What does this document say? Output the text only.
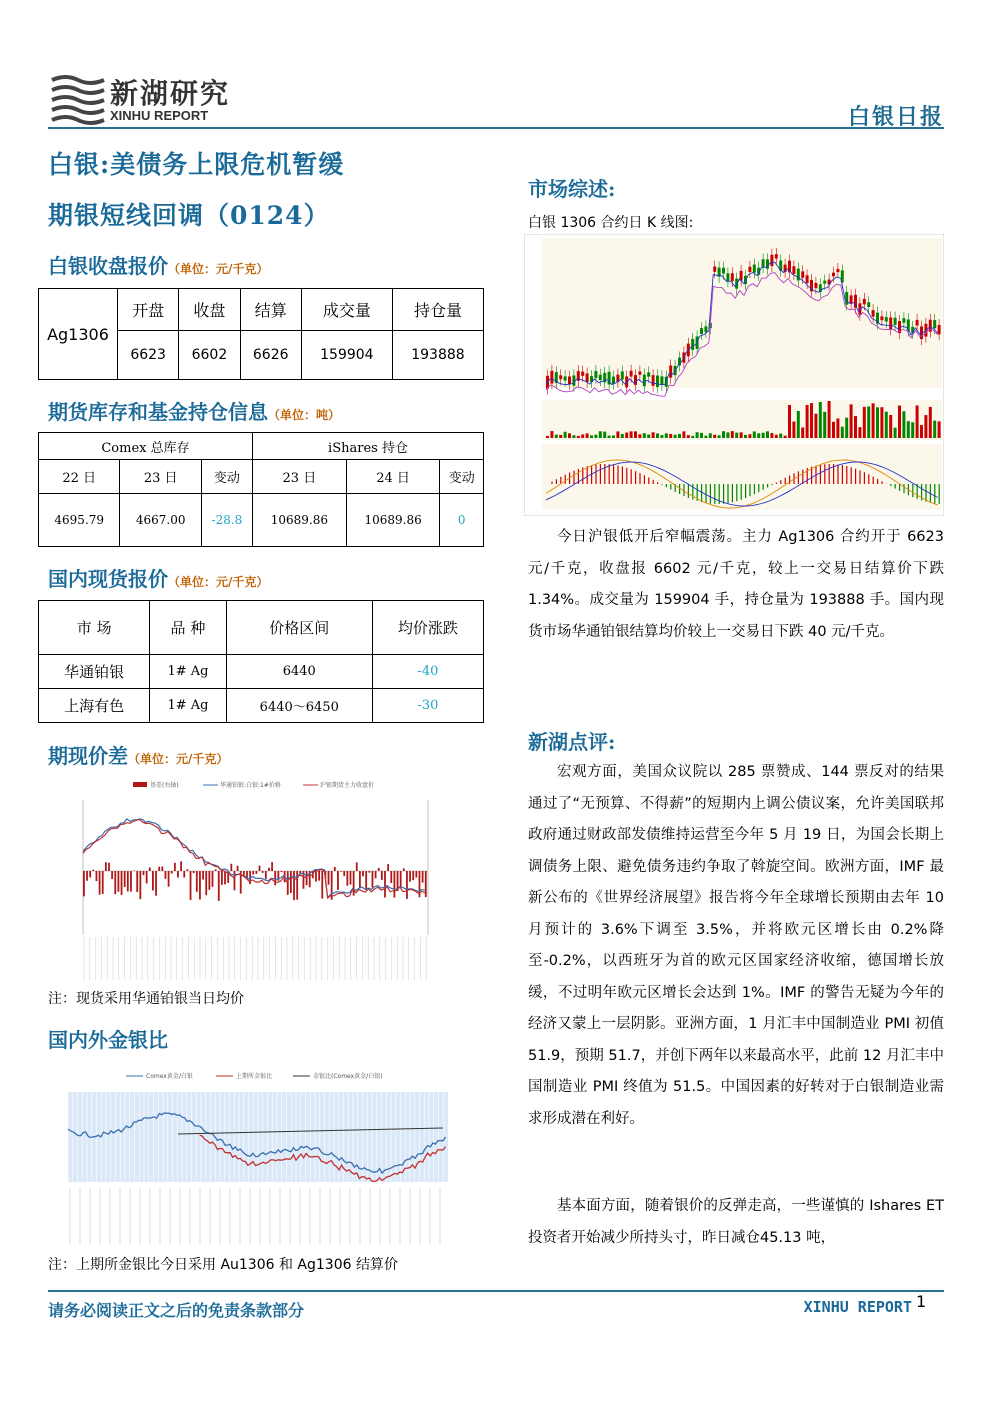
新湖研究
XINHU REPORT	白银日报
白银:美债务上限危机暂缓
期银短线回调（0124）
白银收盘报价（单位：元/千克）
Ag1306	开盘	收盘	结算	成交量	持仓量
	6623	6602	6626	159904	193888
期货库存和基金持仓信息（单位：吨）
Comex 总库存			iShares 持仓		
22 日	23 日	变动	23 日	24 日	变动
4695.79	4667.00	-28.8	10689.86	10689.86	0
国内现货报价（单位：元/千克）
市 场	品 种	价格区间	均价涨跌
华通铂银	1# Ag	6440	-40
上海有色	1# Ag	6440～6450	-30
期现价差（单位：元/千克）
基差(右轴)	华通铂银:白银:1#价格	沪银期货主力收盘价
注：现货采用华通铂银当日均价
国内外金银比
Comex黄金/白银	上期所金银比	金银比(Comex黄金/白银)
注：上期所金银比今日采用 Au1306 和 Ag1306 结算价
市场综述:
白银 1306 合约日 K 线图:
今日沪银低开后窄幅震荡。主力 Ag1306 合约开于 6623 元/千克，收盘报 6602 元/千克，较上一交易日结算价下跌 1.34%。成交量为 159904 手，持仓量为 193888 手。国内现货市场华通铂银结算均价较上一交易日下跌 40 元/千克。
新湖点评:
宏观方面，美国众议院以 285 票赞成、144 票反对的结果通过了“无预算、不得薪”的短期内上调公债议案，允许美国联邦政府通过财政部发债维持运营至今年 5 月 19 日，为国会长期上调债务上限、避免债务违约争取了斡旋空间。欧洲方面，IMF 最新公布的《世界经济展望》报告将今年全球增长预期由去年 10 月预计的 3.6%下调至 3.5%，并将欧元区增长由 0.2%降至-0.2%，以西班牙为首的欧元区国家经济收缩，德国增长放缓，不过明年欧元区增长会达到 1%。IMF 的警告无疑为今年的经济又蒙上一层阴影。亚洲方面，1 月汇丰中国制造业 PMI 初值 51.9，预期 51.7，并创下两年以来最高水平，此前 12 月汇丰中国制造业 PMI 终值为 51.5。中国因素的好转对于白银制造业需求形成潜在利好。
基本面方面，随着银价的反弹走高，一些谨慎的 Ishares ET 投资者开始减少所持头寸，昨日减仓45.13 吨，
请务必阅读正文之后的免责条款部分	XINHU REPORT 1
